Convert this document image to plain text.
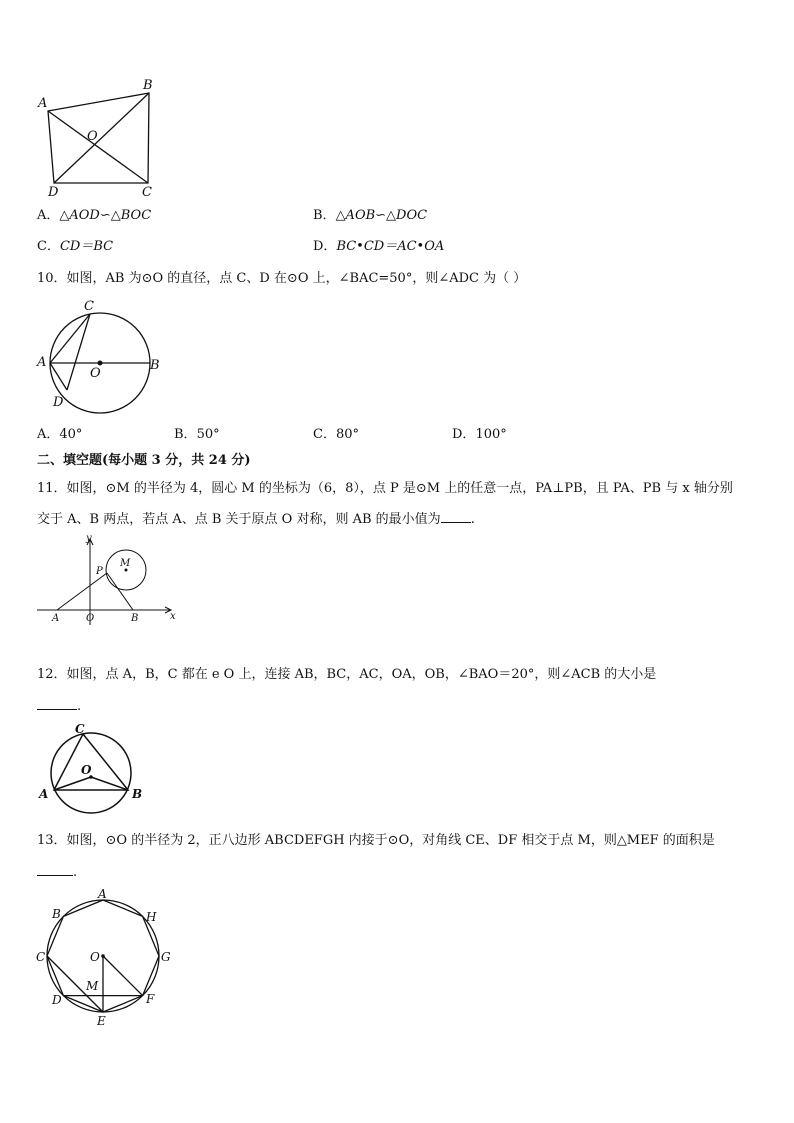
A
B
C
D
O
A．△AOD∽△BOC	B．△AOB∽△DOC
C．CD＝BC	D．BC•CD＝AC•OA
10．如图，AB 为⊙O 的直径，点 C、D 在⊙O 上，∠BAC=50°，则∠ADC 为（ ）
A	B
C
D
O
A．40°	B．50°	C．80°	D．100°
二、填空题(每小题 3 分，共 24 分)
11．如图，⊙M 的半径为 4，圆心 M 的坐标为（6，8），点 P 是⊙M 上的任意一点，PA⊥PB，且 PA、PB 与 x 轴分别
交于 A、B 两点，若点 A、点 B 关于原点 O 对称，则 AB 的最小值为 .
y
x
P
M
A	O	B
12．如图，点 A，B，C 都在 e O 上，连接 AB，BC，AC，OA，OB，∠BAO＝20°，则∠ACB 的大小是
.
A	B
C
O
13．如图，⊙O 的半径为 2，正八边形 ABCDEFGH 内接于⊙O，对角线 CE、DF 相交于点 M，则△MEF 的面积是
.
A
B
C
D
E
F
G
H
O
M
